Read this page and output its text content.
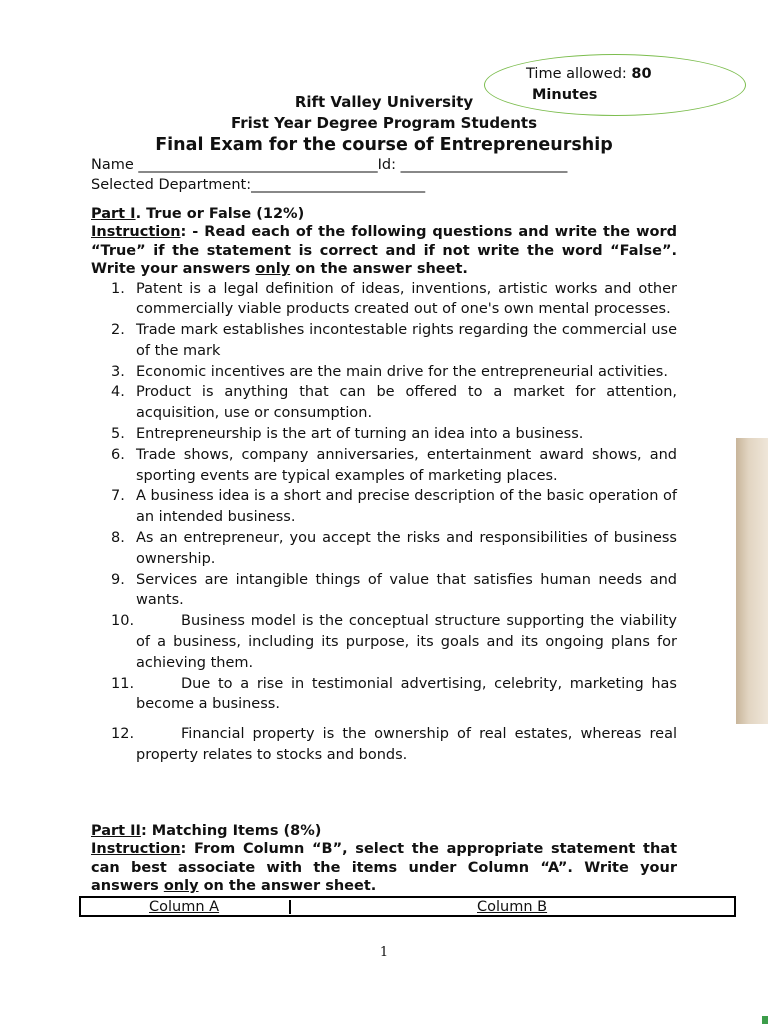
Time allowed: 80
Minutes
Rift Valley University
Frist Year Degree Program Students
Final Exam for the course of Entrepreneurship
Name _________________________________Id: _______________________
Selected Department:________________________
Part I. True or False (12%)
Instruction: - Read each of the following questions and write the word “True” if the statement is correct and if not write the word “False”. Write your answers only on the answer sheet.
1. Patent is a legal definition of ideas, inventions, artistic works and other commercially viable products created out of one's own mental processes.
2. Trade mark establishes incontestable rights regarding the commercial use of the mark
3. Economic incentives are the main drive for the entrepreneurial activities.
4. Product is anything that can be offered to a market for attention, acquisition, use or consumption.
5. Entrepreneurship is the art of turning an idea into a business.
6. Trade shows, company anniversaries, entertainment award shows, and sporting events are typical examples of marketing places.
7. A business idea is a short and precise description of the basic operation of an intended business.
8. As an entrepreneur, you accept the risks and responsibilities of business ownership.
9. Services are intangible things of value that satisfies human needs and wants.
10.	Business model is the conceptual structure supporting the viability of a business, including its purpose, its goals and its ongoing plans for achieving them.
11.	Due to a rise in testimonial advertising, celebrity, marketing has become a business.
12.	Financial property is the ownership of real estates, whereas real property relates to stocks and bonds.
Part II: Matching Items (8%)
Instruction: From Column “B”, select the appropriate statement that can best associate with the items under Column “A”. Write your answers only on the answer sheet.
Column A	Column B
1
